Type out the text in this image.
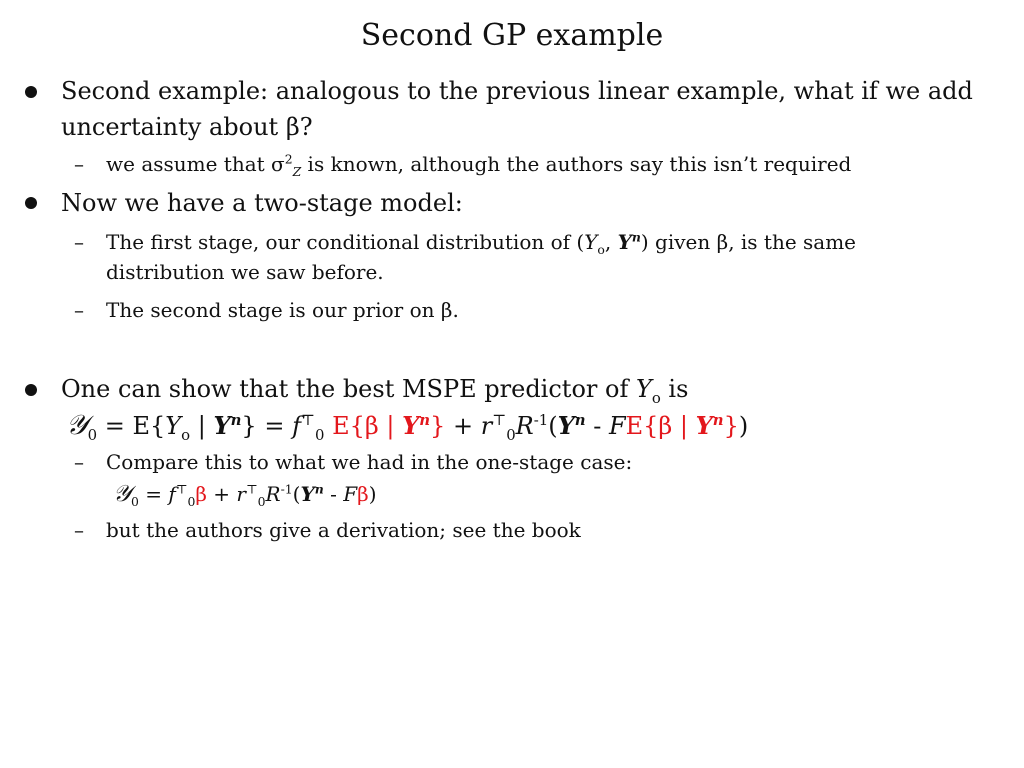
Second GP example
Second example: analogous to the previous linear example, what if we add
uncertainty about β?
– we assume that $\sigma^2_Z$ is known, although the authors say this isn’t required
Now we have a two-stage model:
– The first stage, our conditional distribution of ($Y_o$, $Y^n$) given β, is the same
distribution we saw before.
– The second stage is our prior on β.
One can show that the best MSPE predictor of $Y_o$ is
𝒴$_0$ = $E\{Y_o$ | $Y^n\} = f^⊤_0$ E{β | $Y^n\} + r^⊤_0R^{-1}(Y^n - FE\{\beta$ | $Y^n$})
– Compare this to what we had in the one-stage case:
𝒴$_0$ = $f^⊤_0\beta + r^⊤_0R^{-1}(Y^n - F\beta)$
– but the authors give a derivation; see the book
